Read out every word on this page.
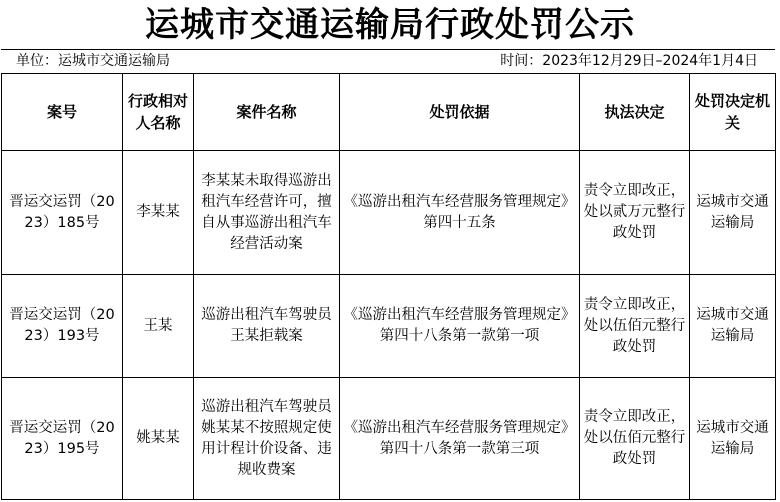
运城市交通运输局行政处罚公示
单位：运城市交通运输局	时间：2023年12月29日–2024年1月4日
案号	行政相对人名称	案件名称	处罚依据	执法决定	处罚决定机关
晋运交运罚（2023）185号	李某某	李某某未取得巡游出租汽车经营许可，擅自从事巡游出租汽车经营活动案	《巡游出租汽车经营服务管理规定》第四十五条	责令立即改正，处以贰万元整行政处罚	运城市交通运输局
晋运交运罚（2023）193号	王某	巡游出租汽车驾驶员王某拒载案	《巡游出租汽车经营服务管理规定》第四十八条第一款第一项	责令立即改正，处以伍佰元整行政处罚	运城市交通运输局
晋运交运罚（2023）195号	姚某某	巡游出租汽车驾驶员姚某某不按照规定使用计程计价设备、违规收费案	《巡游出租汽车经营服务管理规定》第四十八条第一款第三项	责令立即改正，处以伍佰元整行政处罚	运城市交通运输局
